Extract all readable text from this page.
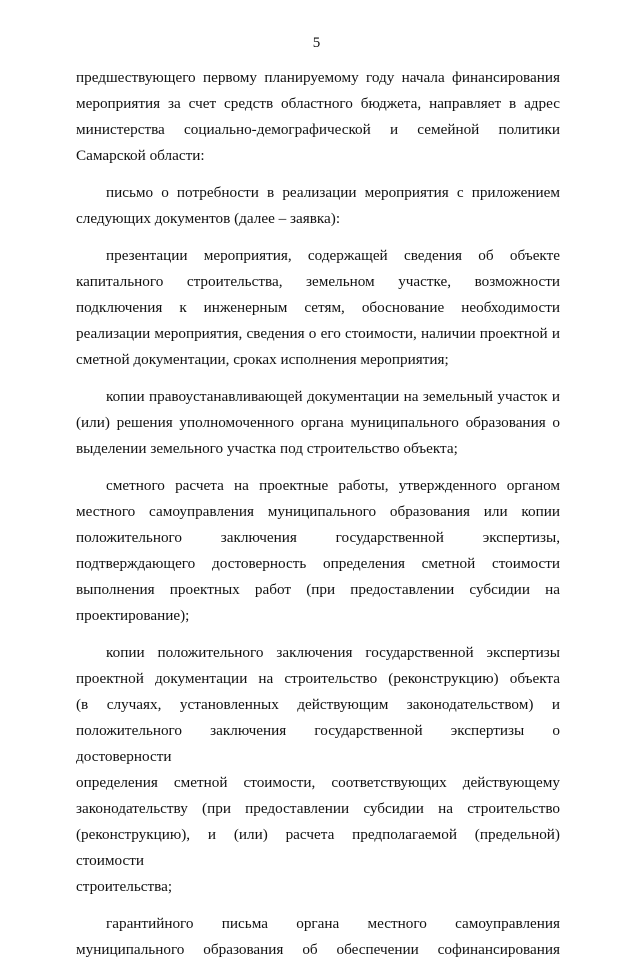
5

предшествующего первому планируемому году начала финансирования
мероприятия за счет средств областного бюджета, направляет в адрес
министерства социально-демографической и семейной политики
Самарской области:

письмо о потребности в реализации мероприятия с приложением
следующих документов (далее – заявка):

презентации мероприятия, содержащей сведения об объекте
капитального строительства, земельном участке, возможности
подключения к инженерным сетям, обоснование необходимости
реализации мероприятия, сведения о его стоимости, наличии проектной и
сметной документации, сроках исполнения мероприятия;

копии правоустанавливающей документации на земельный участок и
(или) решения уполномоченного органа муниципального образования о
выделении земельного участка под строительство объекта;

сметного расчета на проектные работы, утвержденного органом
местного самоуправления муниципального образования или копии
положительного заключения государственной экспертизы,
подтверждающего достоверность определения сметной стоимости
выполнения проектных работ (при предоставлении субсидии на
проектирование);

копии положительного заключения государственной экспертизы
проектной документации на строительство (реконструкцию) объекта
(в случаях, установленных действующим законодательством) и
положительного заключения государственной экспертизы о достоверности
определения сметной стоимости, соответствующих действующему
законодательству (при предоставлении субсидии на строительство
(реконструкцию), и (или) расчета предполагаемой (предельной) стоимости
строительства;

гарантийного письма органа местного самоуправления
муниципального образования об обеспечении софинансирования
